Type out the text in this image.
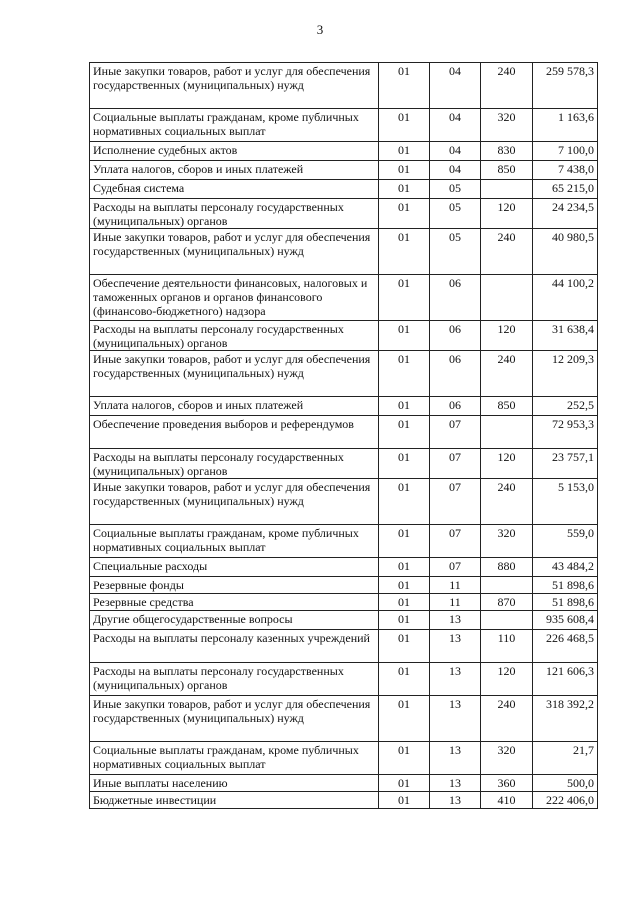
3
Иные закупки товаров, работ и услуг для обеспечения государственных (муниципальных) нужд	01	04	240	259 578,3
Социальные выплаты гражданам, кроме публичных нормативных социальных выплат	01	04	320	1 163,6
Исполнение судебных актов	01	04	830	7 100,0
Уплата налогов, сборов и иных платежей	01	04	850	7 438,0
Судебная система	01	05		65 215,0
Расходы на выплаты персоналу государственных (муниципальных) органов	01	05	120	24 234,5
Иные закупки товаров, работ и услуг для обеспечения государственных (муниципальных) нужд	01	05	240	40 980,5
Обеспечение деятельности финансовых, налоговых и таможенных органов и органов финансового (финансово-бюджетного) надзора	01	06		44 100,2
Расходы на выплаты персоналу государственных (муниципальных) органов	01	06	120	31 638,4
Иные закупки товаров, работ и услуг для обеспечения государственных (муниципальных) нужд	01	06	240	12 209,3
Уплата налогов, сборов и иных платежей	01	06	850	252,5
Обеспечение проведения выборов и референдумов	01	07		72 953,3
Расходы на выплаты персоналу государственных (муниципальных) органов	01	07	120	23 757,1
Иные закупки товаров, работ и услуг для обеспечения государственных (муниципальных) нужд	01	07	240	5 153,0
Социальные выплаты гражданам, кроме публичных нормативных социальных выплат	01	07	320	559,0
Специальные расходы	01	07	880	43 484,2
Резервные фонды	01	11		51 898,6
Резервные средства	01	11	870	51 898,6
Другие общегосударственные вопросы	01	13		935 608,4
Расходы на выплаты персоналу казенных учреждений	01	13	110	226 468,5
Расходы на выплаты персоналу государственных (муниципальных) органов	01	13	120	121 606,3
Иные закупки товаров, работ и услуг для обеспечения государственных (муниципальных) нужд	01	13	240	318 392,2
Социальные выплаты гражданам, кроме публичных нормативных социальных выплат	01	13	320	21,7
Иные выплаты населению	01	13	360	500,0
Бюджетные инвестиции	01	13	410	222 406,0
